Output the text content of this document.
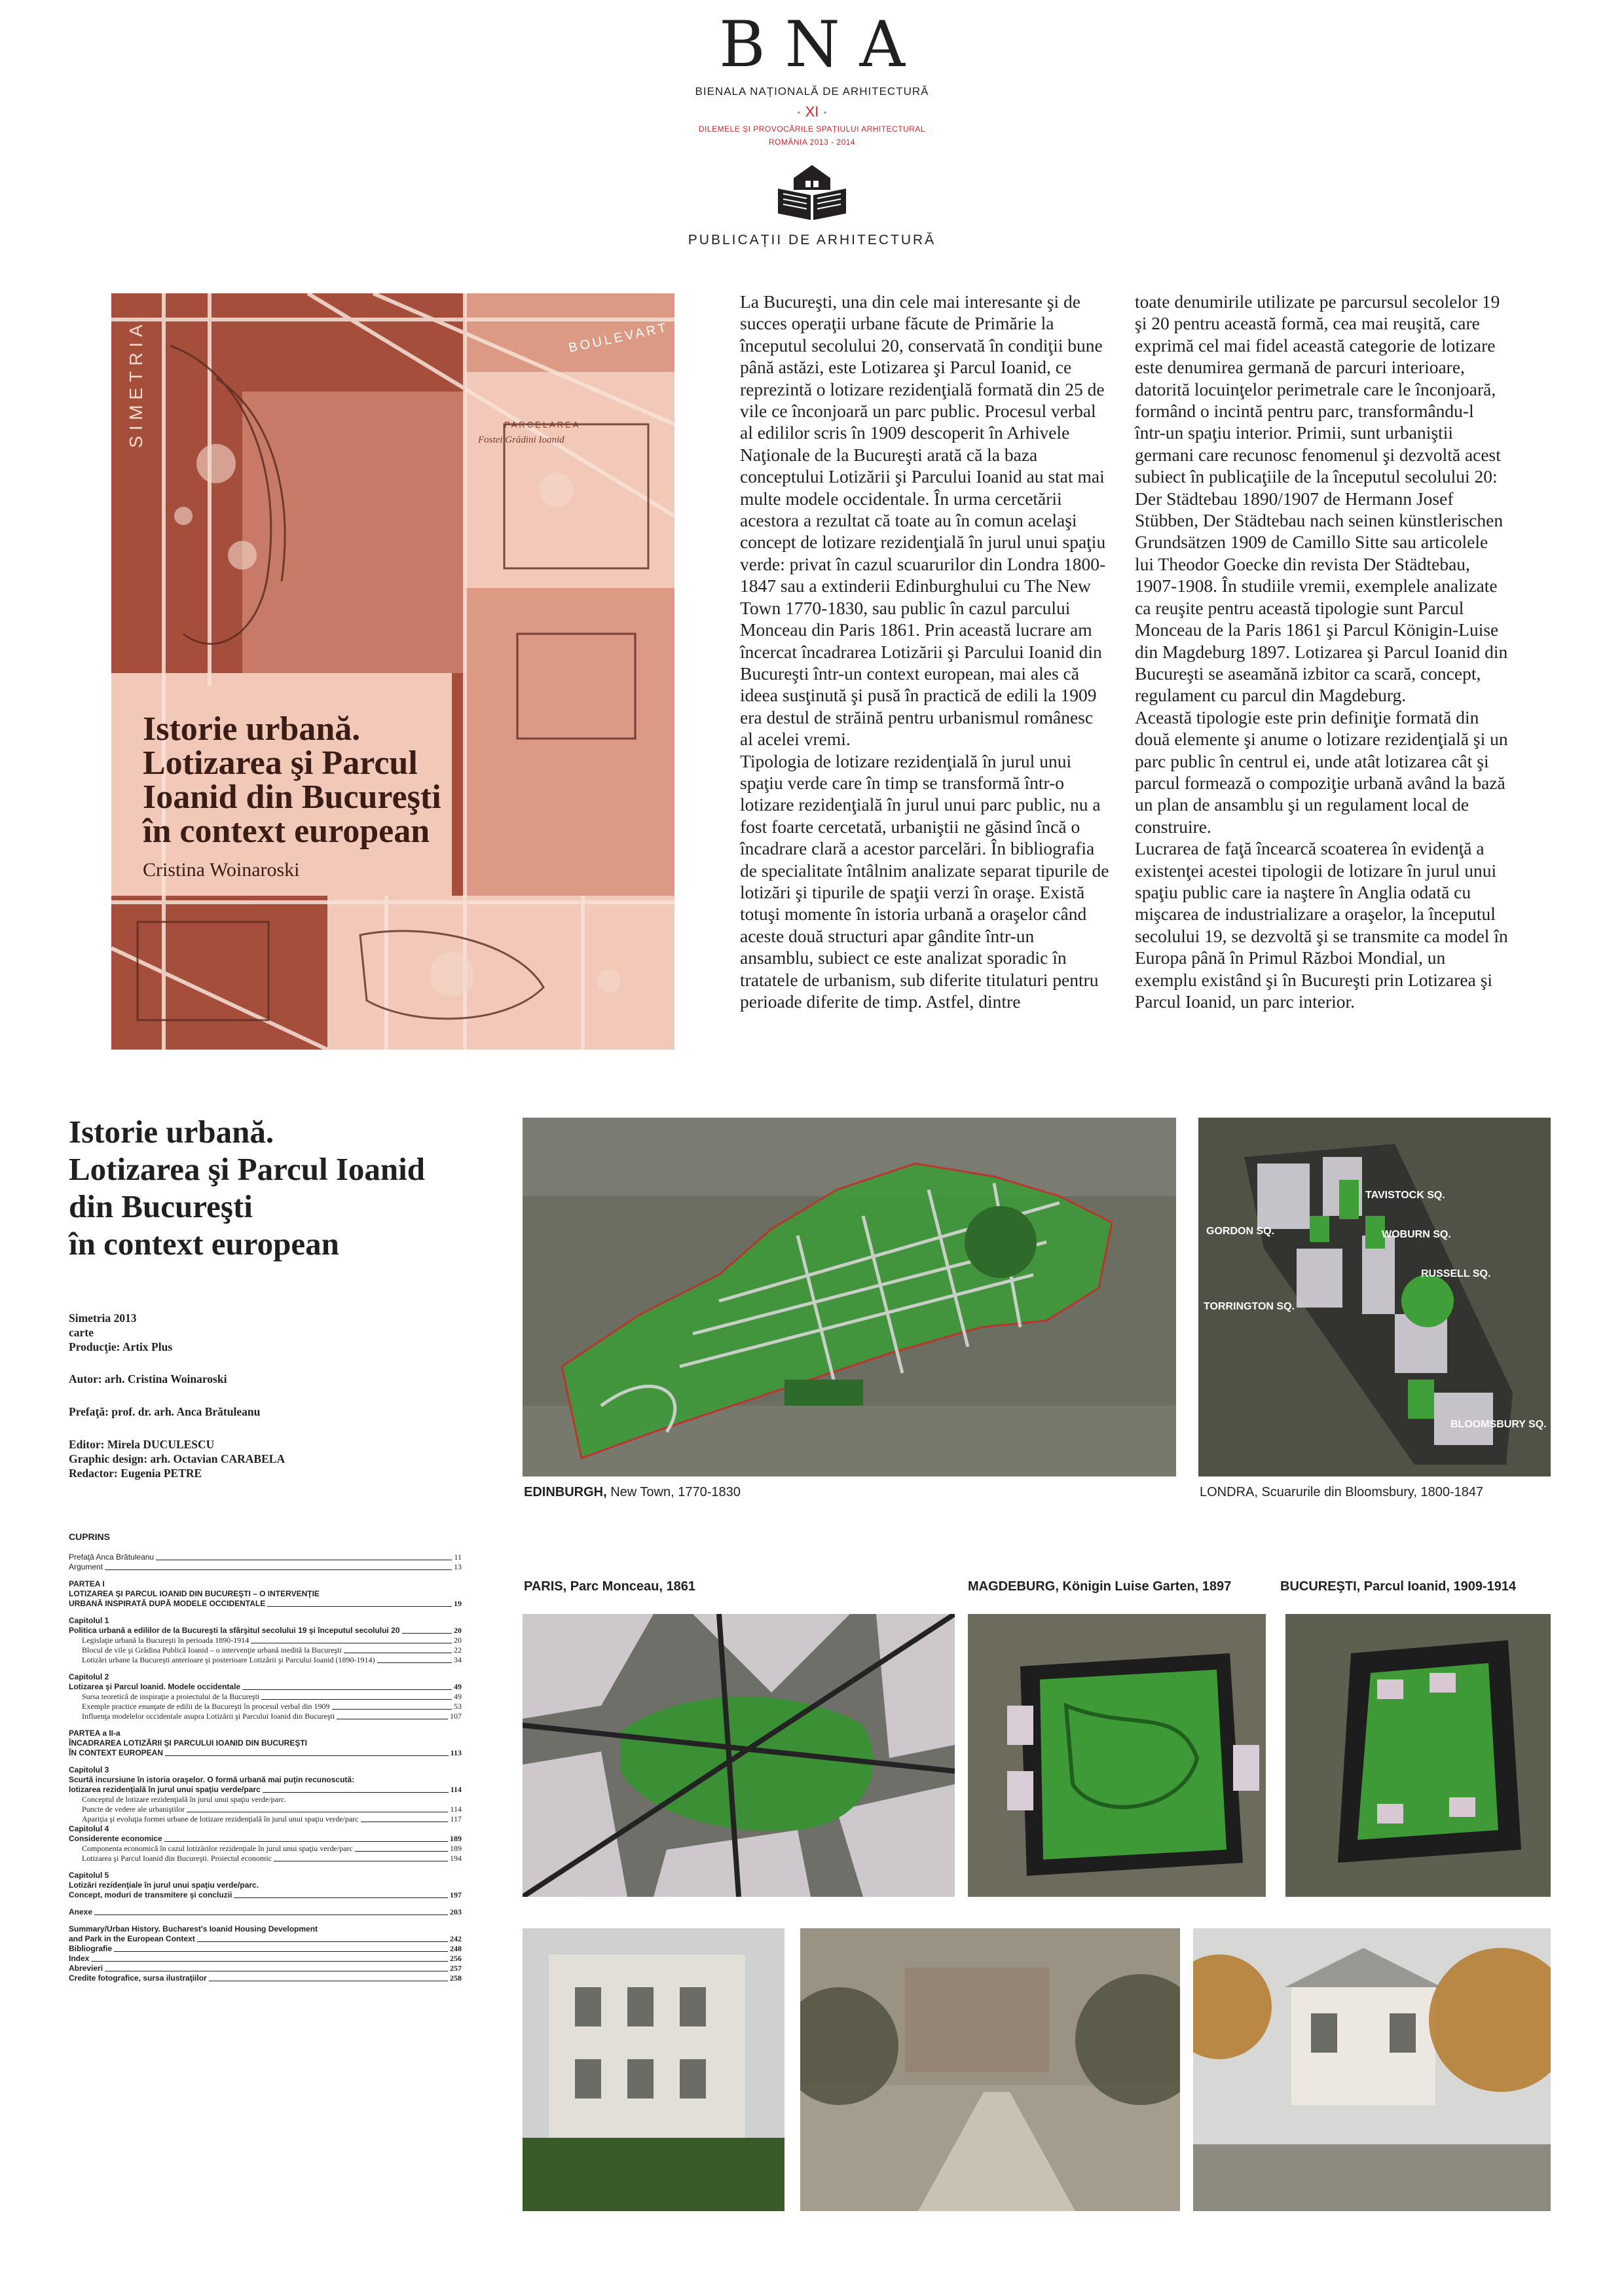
BNA
BIENALA NAȚIONALĂ DE ARHITECTURĂ
· XI ·
DILEMELE ȘI PROVOCĂRILE SPAȚIULUI ARHITECTURAL
ROMÂNIA 2013 - 2014
PUBLICAȚII DE ARHITECTURĂ
BOULEVART
PARCELAREA
Fostei Grădini Ioanid
SIMETRIA
Istorie urbană.
Lotizarea şi Parcul
Ioanid din Bucureşti
în context european
Cristina Woinaroski

La Bucureşti, una din cele mai interesante şi de succes operaţii urbane făcute de Primărie la începutul secolului 20, conservată în condiţii bune până astăzi, este Lotizarea şi Parcul Ioanid, ce reprezintă o lotizare rezidenţială formată din 25 de vile ce înconjoară un parc public. Procesul verbal al edililor scris în 1909 descoperit în Arhivele Naţionale de la Bucureşti arată că la baza conceptului Lotizării şi Parcului Ioanid au stat mai multe modele occidentale. În urma cercetării acestora a rezultat că toate au în comun acelaşi concept de lotizare rezidenţială în jurul unui spaţiu verde: privat în cazul scuarurilor din Londra 1800-1847 sau a extinderii Edinburghului cu The New Town 1770-1830, sau public în cazul parcului Monceau din Paris 1861. Prin această lucrare am încercat încadrarea Lotizării şi Parcului Ioanid din Bucureşti într-un context european, mai ales că ideea susţinută şi pusă în practică de edili la 1909 era destul de străină pentru urbanismul românesc al acelei vremi.

Tipologia de lotizare rezidenţială în jurul unui spaţiu verde care în timp se transformă într-o lotizare rezidenţială în jurul unui parc public, nu a fost foarte cercetată, urbaniştii ne găsind încă o încadrare clară a acestor parcelări. În bibliografia de specialitate întâlnim analizate separat tipurile de lotizări şi tipurile de spaţii verzi în oraşe. Există totuşi momente în istoria urbană a oraşelor când aceste două structuri apar gândite într-un ansamblu, subiect ce este analizat sporadic în tratatele de urbanism, sub diferite titulaturi pentru perioade diferite de timp. Astfel, dintre

toate denumirile utilizate pe parcursul secolelor 19 şi 20 pentru această formă, cea mai reuşită, care exprimă cel mai fidel această categorie de lotizare este denumirea germană de parcuri interioare, datorită locuinţelor perimetrale care le înconjoară, formând o incintă pentru parc, transformându-l într-un spaţiu interior. Primii, sunt urbaniştii germani care recunosc fenomenul şi dezvoltă acest subiect în publicaţiile de la începutul secolului 20: Der Städtebau 1890/1907 de Hermann Josef Stübben, Der Städtebau nach seinen künstlerischen Grundsätzen 1909 de Camillo Sitte sau articolele lui Theodor Goecke din revista Der Städtebau, 1907-1908. În studiile vremii, exemplele analizate ca reuşite pentru această tipologie sunt Parcul Monceau de la Paris 1861 şi Parcul Königin-Luise din Magdeburg 1897. Lotizarea şi Parcul Ioanid din Bucureşti se aseamănă izbitor ca scară, concept, regulament cu parcul din Magdeburg.

Această tipologie este prin definiţie formată din două elemente şi anume o lotizare rezidenţială şi un parc public în centrul ei, unde atât lotizarea cât şi parcul formează o compoziţie urbană având la bază un plan de ansamblu şi un regulament local de construire.

Lucrarea de faţă încearcă scoaterea în evidenţă a existenţei acestei tipologii de lotizare în jurul unui spaţiu public care ia naştere în Anglia odată cu mişcarea de industrializare a oraşelor, la începutul secolului 19, se dezvoltă şi se transmite ca model în Europa până în Primul Război Mondial, un exemplu existând şi în Bucureşti prin Lotizarea şi Parcul Ioanid, un parc interior.

Istorie urbană.
Lotizarea şi Parcul Ioanid
din Bucureşti
în context european
Simetria 2013
carte
Producţie: Artix Plus
Autor: arh. Cristina Woinaroski
Prefaţă: prof. dr. arh. Anca Brătuleanu
Editor: Mirela DUCULESCU
Graphic design: arh. Octavian CARABELA
Redactor: Eugenia PETRE
CUPRINS
Prefaţă Anca Brătuleanu	11
Argument	13
PARTEA I
LOTIZAREA ŞI PARCUL IOANID DIN BUCUREŞTI – O INTERVENŢIE
URBANĂ INSPIRATĂ DUPĂ MODELE OCCIDENTALE	19
Capitolul 1
Politica urbană a edililor de la Bucureşti la sfârşitul secolului 19 şi începutul secolului 20	20
Legislaţie urbană la Bucureşti în perioada 1890-1914	20
Blocul de vile şi Grădina Publică Ioanid – o intervenţie urbană inedită la Bucureşti	22
Lotizări urbane la Bucureşti anterioare şi posterioare Lotizării şi Parcului Ioanid (1890-1914)	34
Capitolul 2
Lotizarea şi Parcul Ioanid. Modele occidentale	49
Sursa teoretică de inspiraţie a proiectului de la Bucureşti	49
Exemple practice enunţate de edilii de la Bucureşti în procesul verbal din 1909	53
Influenţa modelelor occidentale asupra Lotizării şi Parcului Ioanid din Bucureşti	107
PARTEA a II-a
ÎNCADRAREA LOTIZĂRII ŞI PARCULUI IOANID DIN BUCUREŞTI
ÎN CONTEXT EUROPEAN	113
Capitolul 3
Scurtă incursiune în istoria oraşelor. O formă urbană mai puţin recunoscută:
lotizarea rezidenţială în jurul unui spaţiu verde/parc	114
Conceptul de lotizare rezidenţială în jurul unui spaţiu verde/parc.
Puncte de vedere ale urbaniştilor	114
Apariţia şi evoluţia formei urbane de lotizare rezidenţială în jurul unui spaţiu verde/parc	117
Capitolul 4
Considerente economice	189
Componenta economică în cazul lotizărilor rezidenţiale în jurul unui spaţiu verde/parc	189
Lotizarea şi Parcul Ioanid din Bucureşti. Proiectul economic	194
Capitolul 5
Lotizări rezidenţiale în jurul unui spaţiu verde/parc.
Concept, moduri de transmitere şi concluzii	197
Anexe	203
Summary/Urban History. Bucharest's Ioanid Housing Development
and Park in the European Context	242
Bibliografie	248
Index	256
Abrevieri	257
Credite fotografice, sursa ilustraţiilor	258
EDINBURGH, New Town, 1770-1830
TAVISTOCK SQ.
GORDON SQ.	WOBURN SQ.
RUSSELL SQ.
TORRINGTON SQ.
BLOOMSBURY SQ.
LONDRA, Scuarurile din Bloomsbury, 1800-1847
PARIS, Parc Monceau, 1861	MAGDEBURG, Königin Luise Garten, 1897	BUCUREŞTI, Parcul Ioanid, 1909-1914
